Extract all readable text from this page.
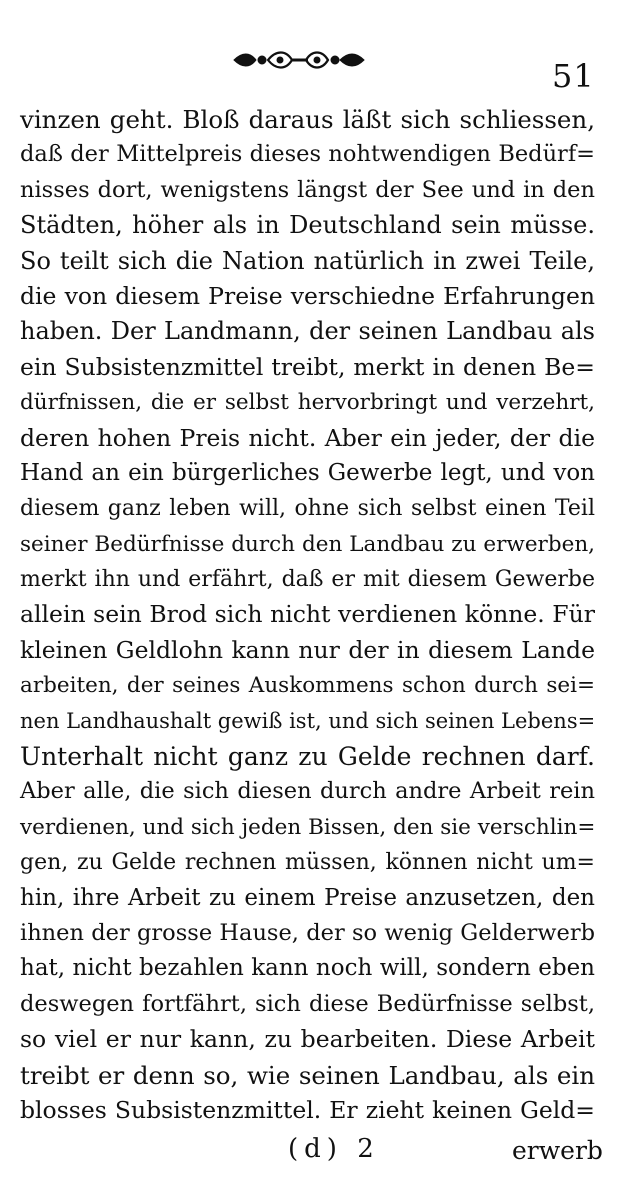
51
vinzen geht. Bloß daraus läßt sich schliessen,
daß der Mittelpreis dieses nohtwendigen Bedürf=
nisses dort, wenigstens längst der See und in den
Städten, höher als in Deutschland sein müsse.
So teilt sich die Nation natürlich in zwei Teile,
die von diesem Preise verschiedne Erfahrungen
haben. Der Landmann, der seinen Landbau als
ein Subsistenzmittel treibt, merkt in denen Be=
dürfnissen, die er selbst hervorbringt und verzehrt,
deren hohen Preis nicht. Aber ein jeder, der die
Hand an ein bürgerliches Gewerbe legt, und von
diesem ganz leben will, ohne sich selbst einen Teil
seiner Bedürfnisse durch den Landbau zu erwerben,
merkt ihn und erfährt, daß er mit diesem Gewerbe
allein sein Brod sich nicht verdienen könne. Für
kleinen Geldlohn kann nur der in diesem Lande
arbeiten, der seines Auskommens schon durch sei=
nen Landhaushalt gewiß ist, und sich seinen Lebens=
Unterhalt nicht ganz zu Gelde rechnen darf.
Aber alle, die sich diesen durch andre Arbeit rein
verdienen, und sich jeden Bissen, den sie verschlin=
gen, zu Gelde rechnen müssen, können nicht um=
hin, ihre Arbeit zu einem Preise anzusetzen, den
ihnen der grosse Hause, der so wenig Gelderwerb
hat, nicht bezahlen kann noch will, sondern eben
deswegen fortfährt, sich diese Bedürfnisse selbst,
so viel er nur kann, zu bearbeiten. Diese Arbeit
treibt er denn so, wie seinen Landbau, als ein
blosses Subsistenzmittel. Er zieht keinen Geld=
(d) 2	erwerb
